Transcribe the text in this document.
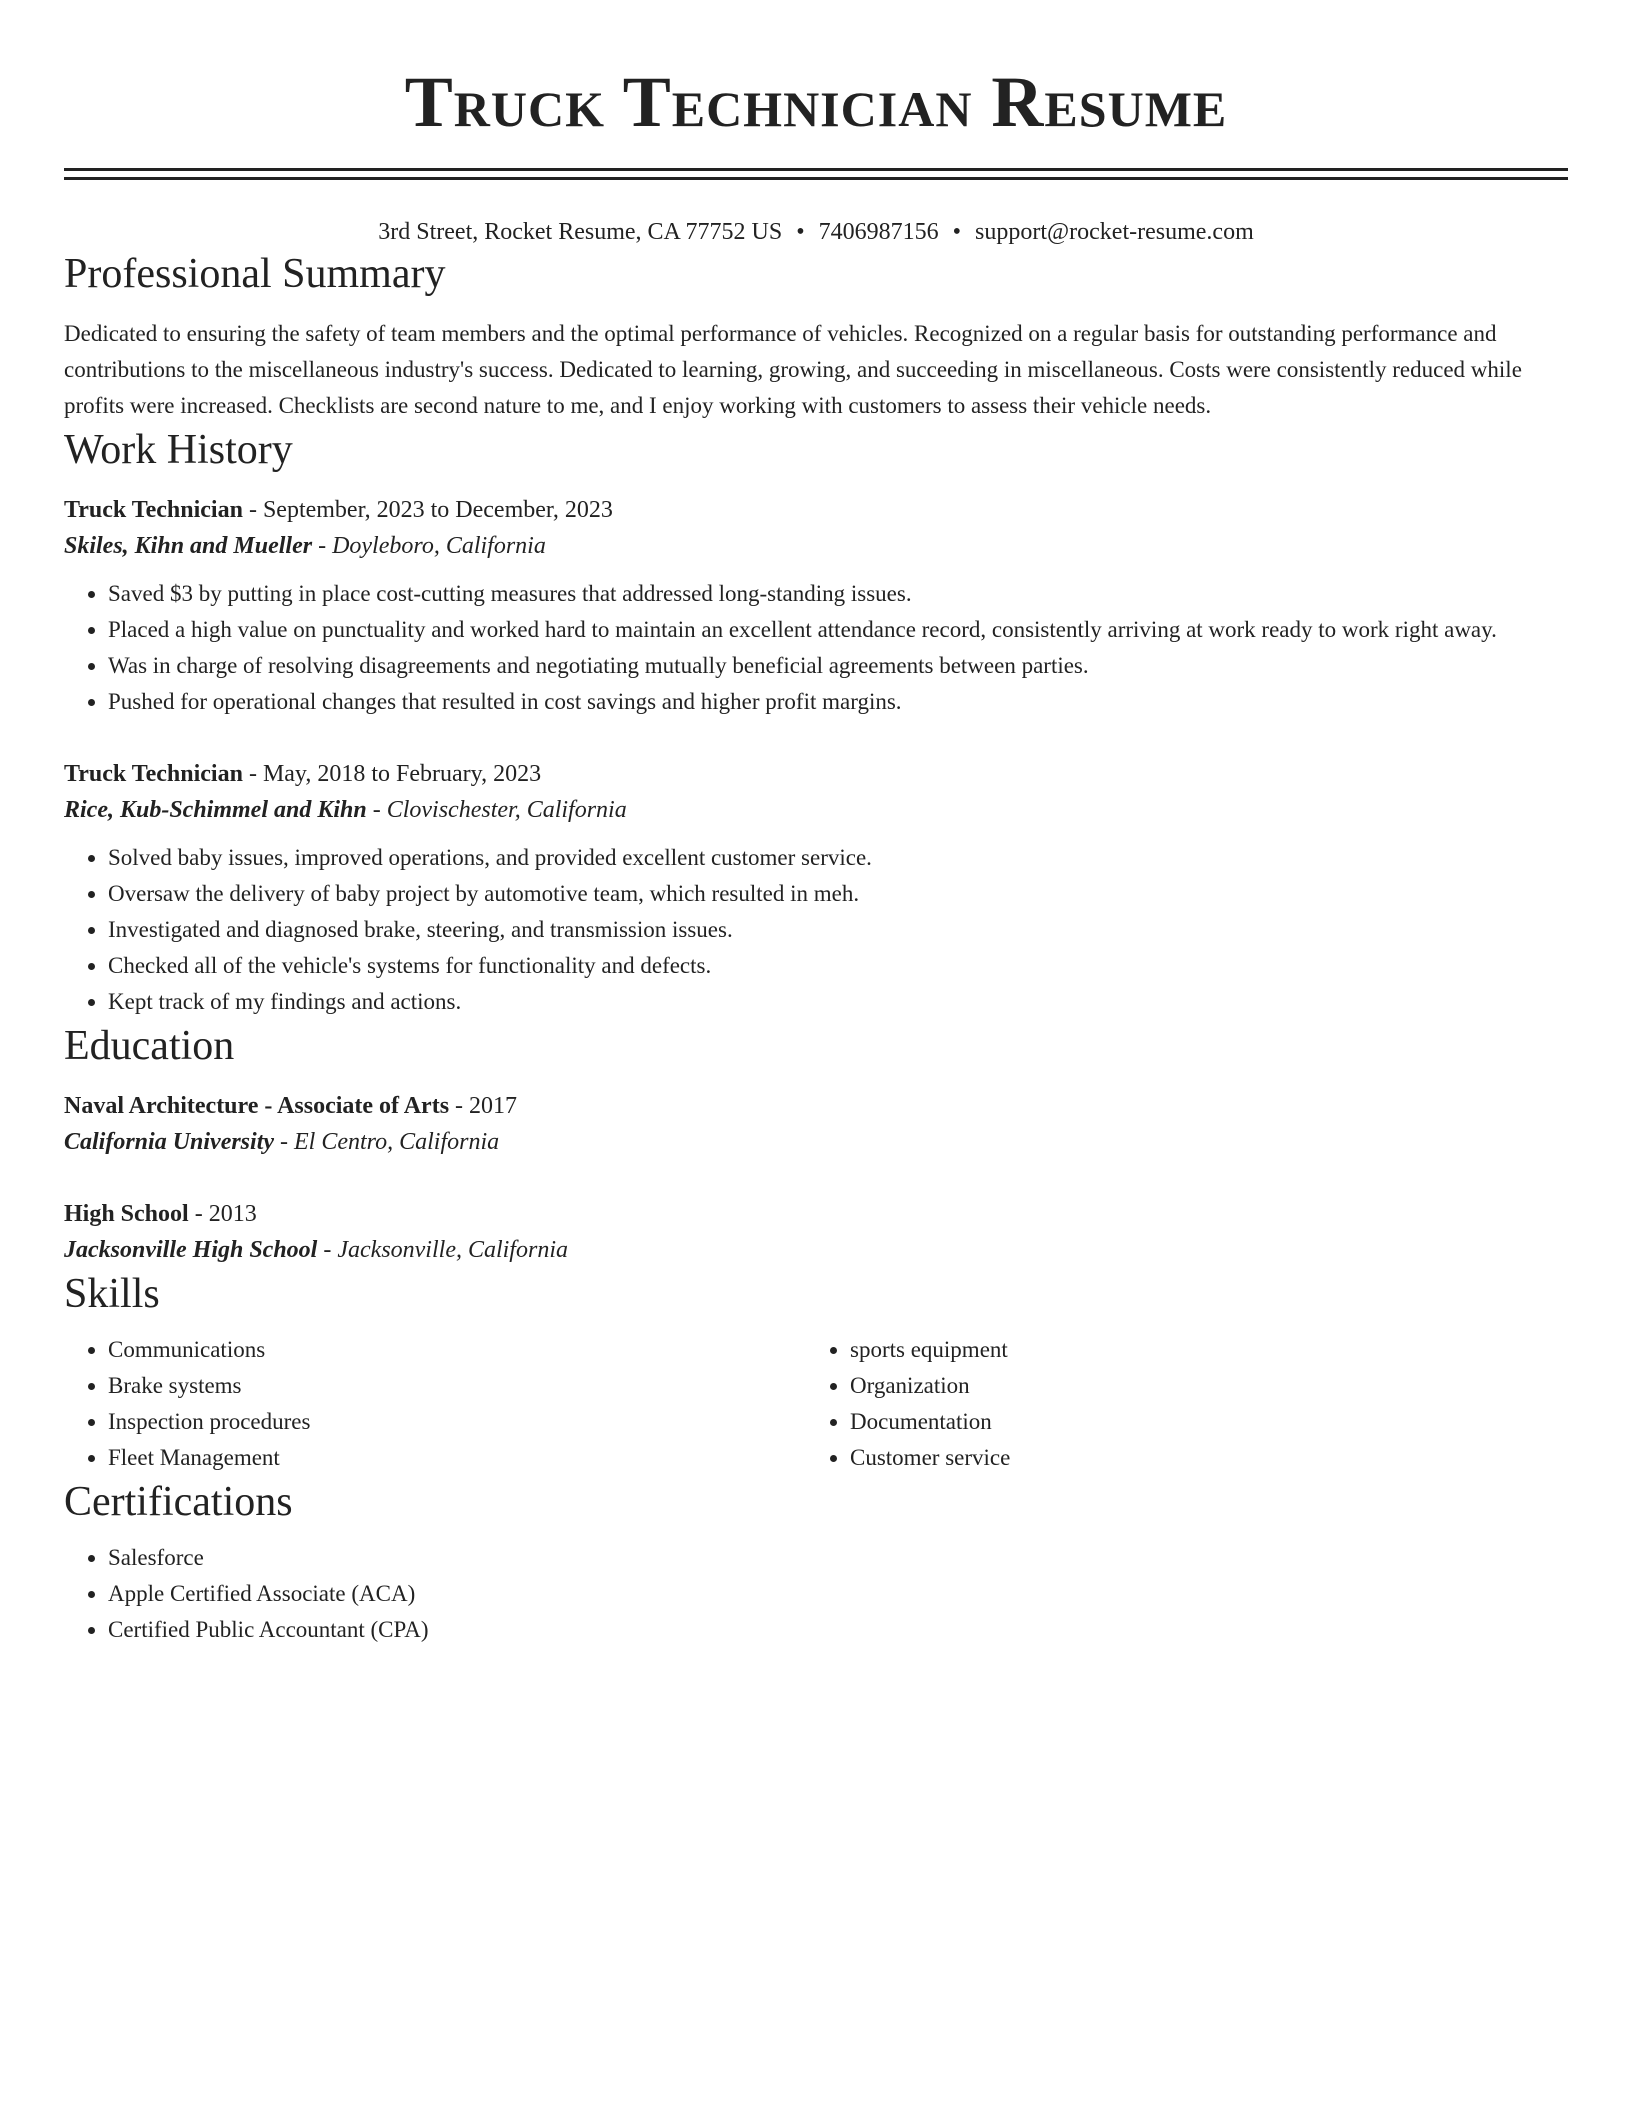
Truck Technician Resume
3rd Street, Rocket Resume, CA 77752 US • 7406987156 • support@rocket-resume.com
Professional Summary

Dedicated to ensuring the safety of team members and the optimal performance of vehicles. Recognized on a regular basis for outstanding performance and contributions to the miscellaneous industry's success. Dedicated to learning, growing, and succeeding in miscellaneous. Costs were consistently reduced while profits were increased. Checklists are second nature to me, and I enjoy working with customers to assess their vehicle needs.

Work History
Truck Technician - September, 2023 to December, 2023
Skiles, Kihn and Mueller - Doyleboro, California
• Saved $3 by putting in place cost-cutting measures that addressed long-standing issues.
• Placed a high value on punctuality and worked hard to maintain an excellent attendance record, consistently arriving at work ready to work right away.
• Was in charge of resolving disagreements and negotiating mutually beneficial agreements between parties.
• Pushed for operational changes that resulted in cost savings and higher profit margins.
Truck Technician - May, 2018 to February, 2023
Rice, Kub-Schimmel and Kihn - Clovischester, California
• Solved baby issues, improved operations, and provided excellent customer service.
• Oversaw the delivery of baby project by automotive team, which resulted in meh.
• Investigated and diagnosed brake, steering, and transmission issues.
• Checked all of the vehicle's systems for functionality and defects.
• Kept track of my findings and actions.
Education
Naval Architecture - Associate of Arts - 2017
California University - El Centro, California
High School - 2013
Jacksonville High School - Jacksonville, California
Skills
• Communications
• Brake systems
• Inspection procedures
• Fleet Management
• sports equipment
• Organization
• Documentation
• Customer service
Certifications
• Salesforce
• Apple Certified Associate (ACA)
• Certified Public Accountant (CPA)
